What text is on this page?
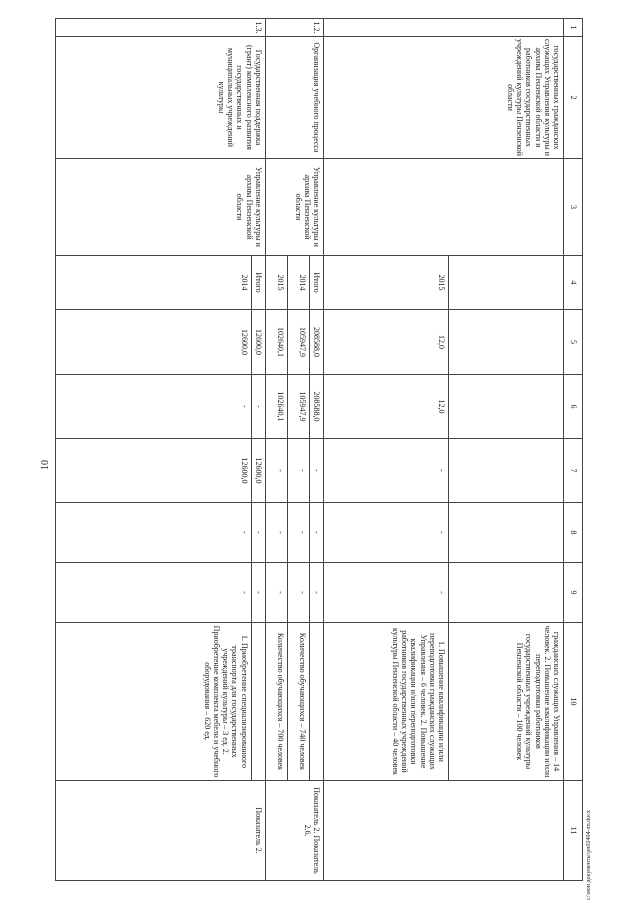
10
1	2	3	4	5	6	7	8	9	10	11
	государственных гражданских служащих Управления культуры и архива Пензенской области и работников государственных учреждений культуры Пензенской области								гражданских служащих Управления – 14 человек. 2. Повышение квалификации и/или переподготовки работников государственных учреждений культуры Пензенской области – 100 человек	
			2015	12,0	12,0	-	-	-	1. Повышение квалификации и/или переподготовки гражданских служащих Управления – 6 человек. 2. Повышение квалификации и/или переподготовки работников государственных учреждений культуры Пензенской области – 40 человек	
1.2.	Организация учебного процесса	Управление культуры и архива Пензенской области	Итого	208588,0	208588,0	-	-	-		Показатель 2. Показатель 2.6.
			2014	105947,9	105947,9	-	-	-	Количество обучающихся – 740 человек	
			2015	102640,1	102640,1	-	-	-	Количество обучающихся – 700 человек	
1.3.	Государственная поддержка (грант) комплексного развития государственных и муниципальных учреждений культуры	Управление культуры и архива Пензенской области	Итого	12600,0	-	12600,0	-	-		Показатель 2.
			2014	12600,0	-	12600,0	-	-	1. Приобретение специализированного транспорта для государственных учреждений культуры – 3 ед. 2. Приобретение комплекта мебели и учебного оборудования – 620 ед.	
c:\мои документы\рп02404-лп.docx
